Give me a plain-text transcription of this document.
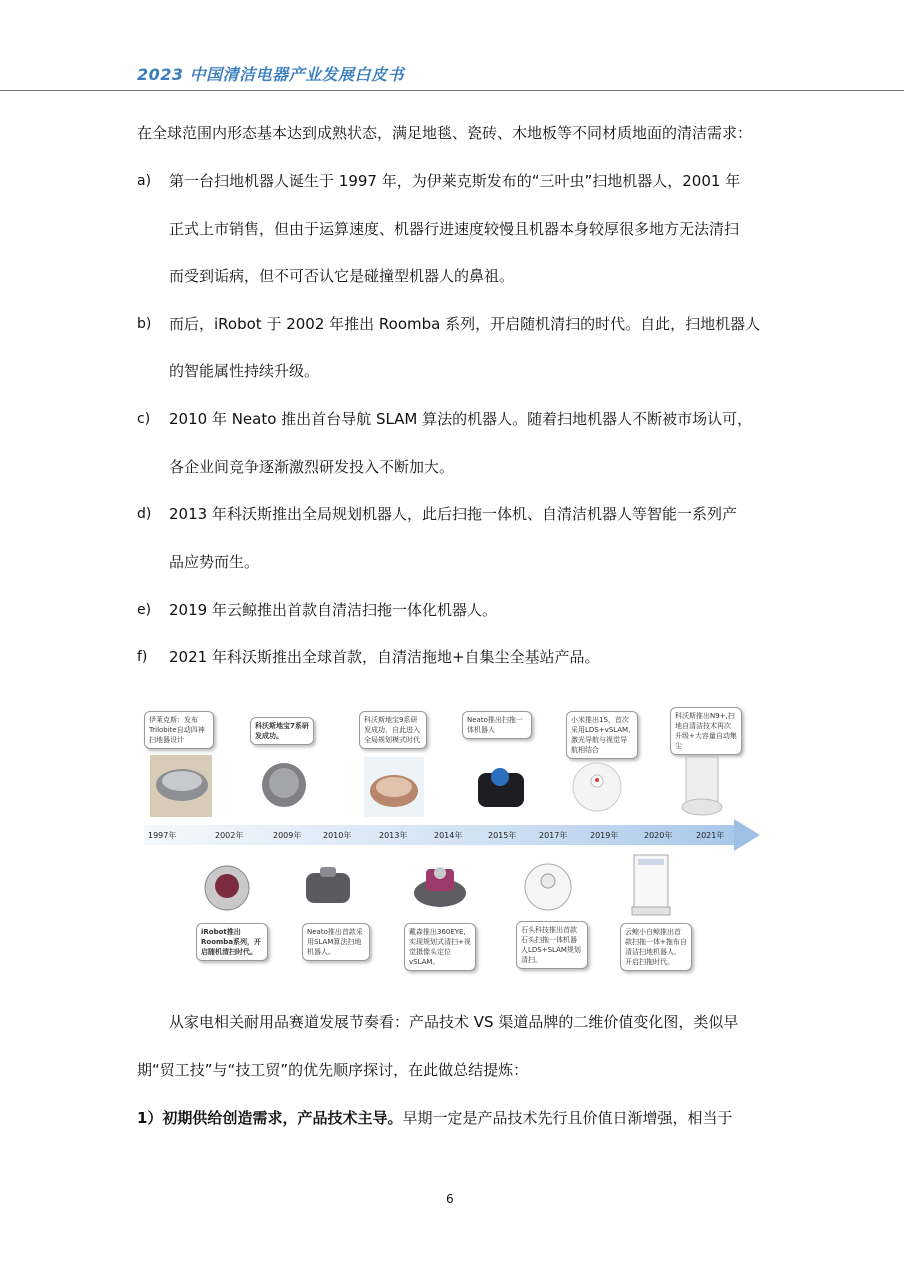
2023 中国清洁电器产业发展白皮书
在全球范围内形态基本达到成熟状态，满足地毯、瓷砖、木地板等不同材质地面的清洁需求：
a) 第一台扫地机器人诞生于 1997 年，为伊莱克斯发布的“三叶虫”扫地机器人，2001 年
正式上市销售，但由于运算速度、机器行进速度较慢且机器本身较厚很多地方无法清扫
而受到诟病，但不可否认它是碰撞型机器人的鼻祖。
b) 而后，iRobot 于 2002 年推出 Roomba 系列，开启随机清扫的时代。自此，扫地机器人
的智能属性持续升级。
c) 2010 年 Neato 推出首台导航 SLAM 算法的机器人。随着扫地机器人不断被市场认可，
各企业间竞争逐渐激烈研发投入不断加大。
d) 2013 年科沃斯推出全局规划机器人，此后扫拖一体机、自清洁机器人等智能一系列产
品应势而生。
e) 2019 年云鲸推出首款自清洁扫拖一体化机器人。
f) 2021 年科沃斯推出全球首款，自清洁拖地+自集尘全基站产品。
伊莱克斯：发布Trilobite自动四神扫地器设计
科沃斯地宝7系研发成功。
科沃斯地宝9系研发成功，自此进入全局规划模式时代
Neato推出扫拖一体机器人
小米推出1S，首次采用LDS+vSLAM,激光导航与视觉导航相结合
科沃斯推出N9+,扫地自清洁技术再次升级+大容量自动集尘
1997年	2002年	2009年	2010年	2013年	2014年	2015年	2017年	2019年	2020年	2021年
iRobot推出Roomba系列，开启随机清扫时代。
Neato推出首款采用SLAM算法扫地机器人。
戴森推出360EYE,实现规划式清扫+视觉摄像头定位vSLAM。
石头科技推出首款石头扫拖一体机器人LDS+SLAM规划清扫。
云鲸小白鲸推出首款扫拖一体+拖布自清洁扫地机器人，开启扫拖时代。
从家电相关耐用品赛道发展节奏看：产品技术 VS 渠道品牌的二维价值变化图，类似早
期“贸工技”与“技工贸”的优先顺序探讨，在此做总结提炼：
1）初期供给创造需求，产品技术主导。早期一定是产品技术先行且价值日渐增强，相当于
6
